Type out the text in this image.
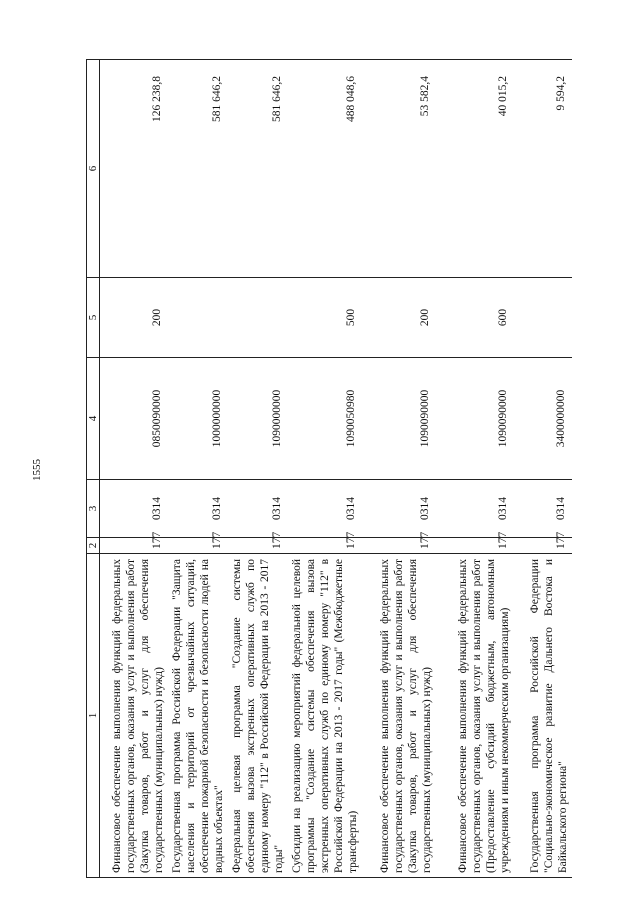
1555
1	2	3	4	5	6
Финансовое обеспечение выполнения функций федеральных государственных органов, оказания услуг и выполнения работ (Закупка товаров, работ и услуг для обеспечения государственных (муниципальных) нужд)	177	0314	0850090000	200	126 238,8
Государственная программа Российской Федерации "Защита населения и территорий от чрезвычайных ситуаций, обеспечение пожарной безопасности и безопасности людей на водных объектах"	177	0314	1000000000		581 646,2
Федеральная целевая программа "Создание системы обеспечения вызова экстренных оперативных служб по единому номеру "112" в Российской Федерации на 2013 - 2017 годы"	177	0314	1090000000		581 646,2
Субсидии на реализацию мероприятий федеральной целевой программы "Создание системы обеспечения вызова экстренных оперативных служб по единому номеру "112" в Российской Федерации на 2013 - 2017 годы" (Межбюджетные трансферты)	177	0314	1090050980	500	488 048,6
Финансовое обеспечение выполнения функций федеральных государственных органов, оказания услуг и выполнения работ (Закупка товаров, работ и услуг для обеспечения государственных (муниципальных) нужд)	177	0314	1090090000	200	53 582,4
Финансовое обеспечение выполнения функций федеральных государственных органов, оказания услуг и выполнения работ (Предоставление субсидий бюджетным, автономным учреждениям и иным некоммерческим организациям)	177	0314	1090090000	600	40 015,2
Государственная программа Российской Федерации "Социально-экономическое развитие Дальнего Востока и Байкальского региона"	177	0314	3400000000		9 594,2
